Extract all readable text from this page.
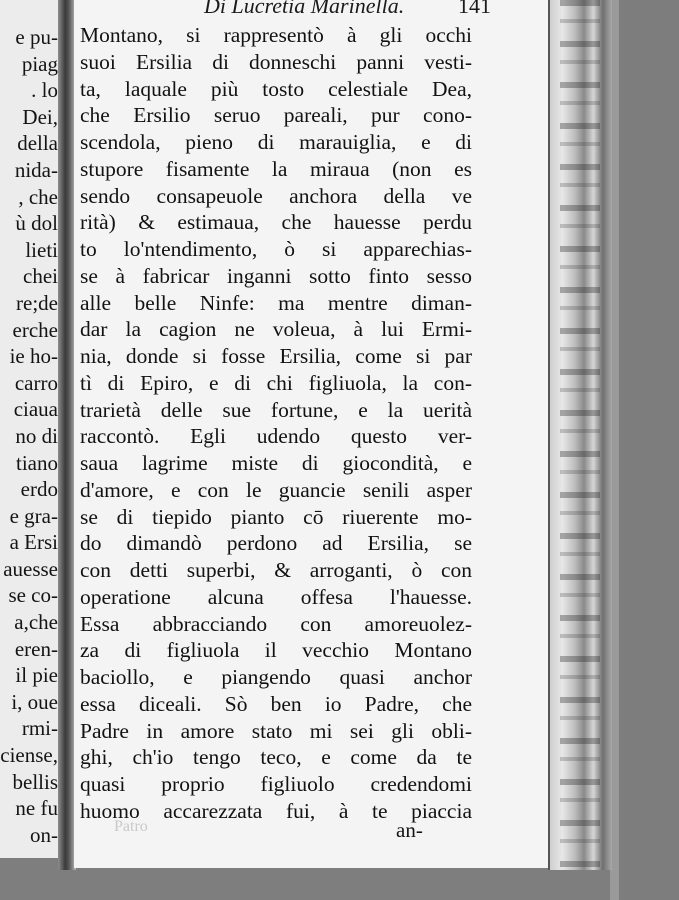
e pu-
piag
. lo
Dei,
della
nida-
, che
ù dol
lieti
chei
re;de
erche
ie ho-
carro
ciaua
no di
tiano
erdo
e gra-
a Ersi
auesse
se co-
a,che
eren-
il pie
i, oue
rmi-
ciense,
bellis
ne fu
on-
Di Lucretia Marinella. 141
Montano, si rappresentò à gli occhi
suoi Ersilia di donneschi panni vesti-
ta, laquale più tosto celestiale Dea,
che Ersilio seruo pareali, pur cono-
scendola, pieno di marauiglia, e di
stupore fisamente la miraua (non es
sendo consapeuole anchora della ve
rità) & estimaua, che hauesse perdu
to lo'ntendimento, ò si apparechias-
se à fabricar inganni sotto finto sesso
alle belle Ninfe: ma mentre diman-
dar la cagion ne voleua, à lui Ermi-
nia, donde si fosse Ersilia, come si par
tì di Epiro, e di chi figliuola, la con-
trarietà delle sue fortune, e la uerità
raccontò. Egli udendo questo ver-
saua lagrime miste di giocondità, e
d'amore, e con le guancie senili asper
se di tiepido pianto cō riuerente mo-
do dimandò perdono ad Ersilia, se
con detti superbi, & arroganti, ò con
operatione alcuna offesa l'hauesse.
Essa abbracciando con amoreuolez-
za di figliuola il vecchio Montano
baciollo, e piangendo quasi anchor
essa diceali. Sò ben io Padre, che
Padre in amore stato mi sei gli obli-
ghi, ch'io tengo teco, e come da te
quasi proprio figliuolo credendomi
huomo accarezzata fui, à te piaccia
Patro	an-
